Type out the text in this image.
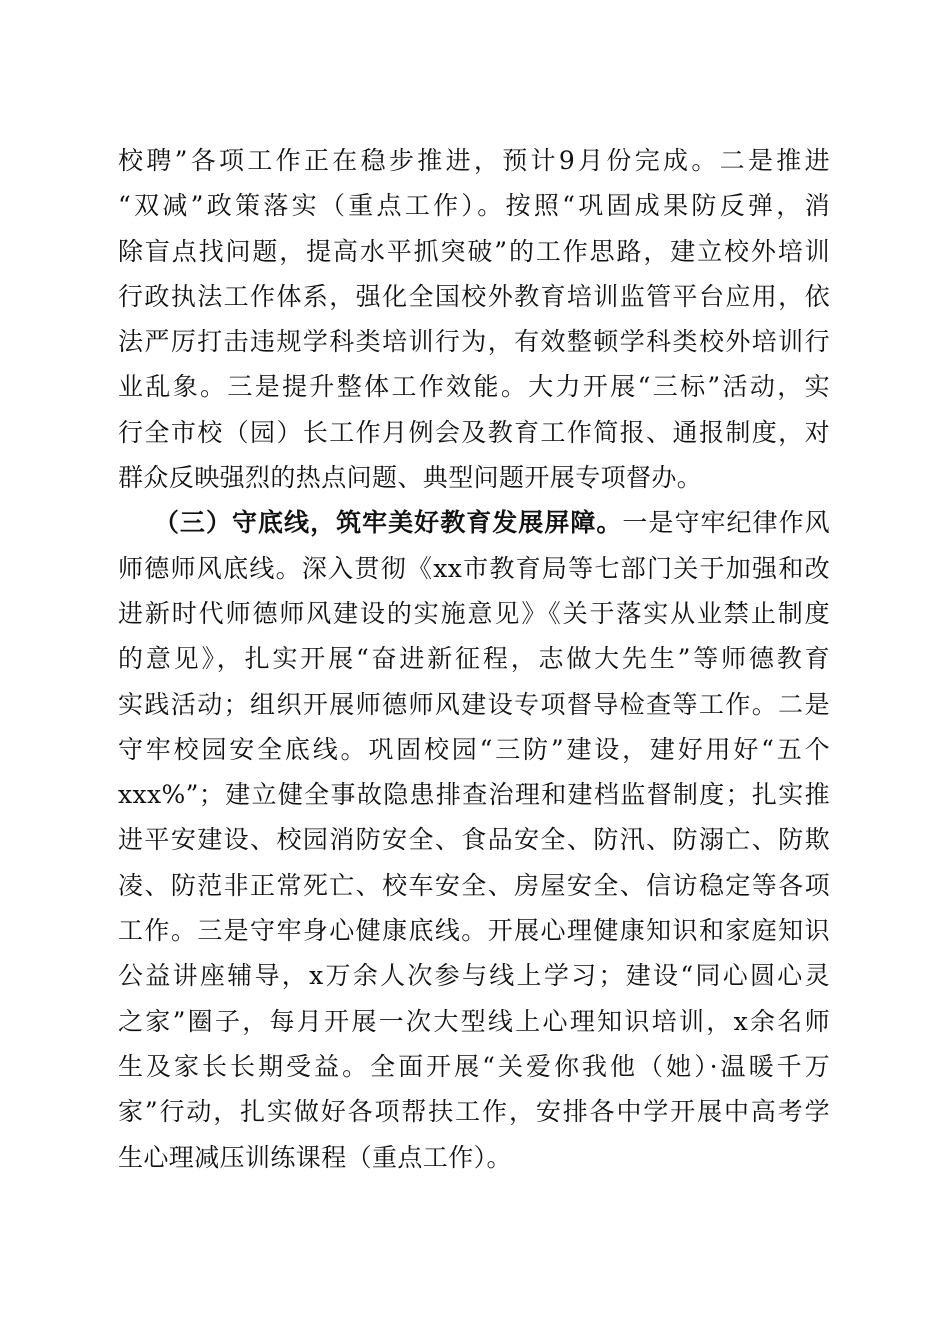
校聘”各项工作正在稳步推进，预计9月份完成。二是推进
“双减”政策落实（重点工作）。按照“巩固成果防反弹，消
除盲点找问题，提高水平抓突破”的工作思路，建立校外培训
行政执法工作体系，强化全国校外教育培训监管平台应用，依
法严厉打击违规学科类培训行为，有效整顿学科类校外培训行
业乱象。三是提升整体工作效能。大力开展“三标”活动，实
行全市校（园）长工作月例会及教育工作简报、通报制度，对
群众反映强烈的热点问题、典型问题开展专项督办。
（三）守底线，筑牢美好教育发展屏障。一是守牢纪律作风
师德师风底线。深入贯彻《xx市教育局等七部门关于加强和改
进新时代师德师风建设的实施意见》《关于落实从业禁止制度
的意见》，扎实开展“奋进新征程，志做大先生”等师德教育
实践活动；组织开展师德师风建设专项督导检查等工作。二是
守牢校园安全底线。巩固校园“三防”建设，建好用好“五个
xxx%”；建立健全事故隐患排查治理和建档监督制度；扎实推
进平安建设、校园消防安全、食品安全、防汛、防溺亡、防欺
凌、防范非正常死亡、校车安全、房屋安全、信访稳定等各项
工作。三是守牢身心健康底线。开展心理健康知识和家庭知识
公益讲座辅导，x万余人次参与线上学习；建设“同心圆心灵
之家”圈子，每月开展一次大型线上心理知识培训，x余名师
生及家长长期受益。全面开展“关爱你我他（她）·温暖千万
家”行动，扎实做好各项帮扶工作，安排各中学开展中高考学
生心理减压训练课程（重点工作）。
